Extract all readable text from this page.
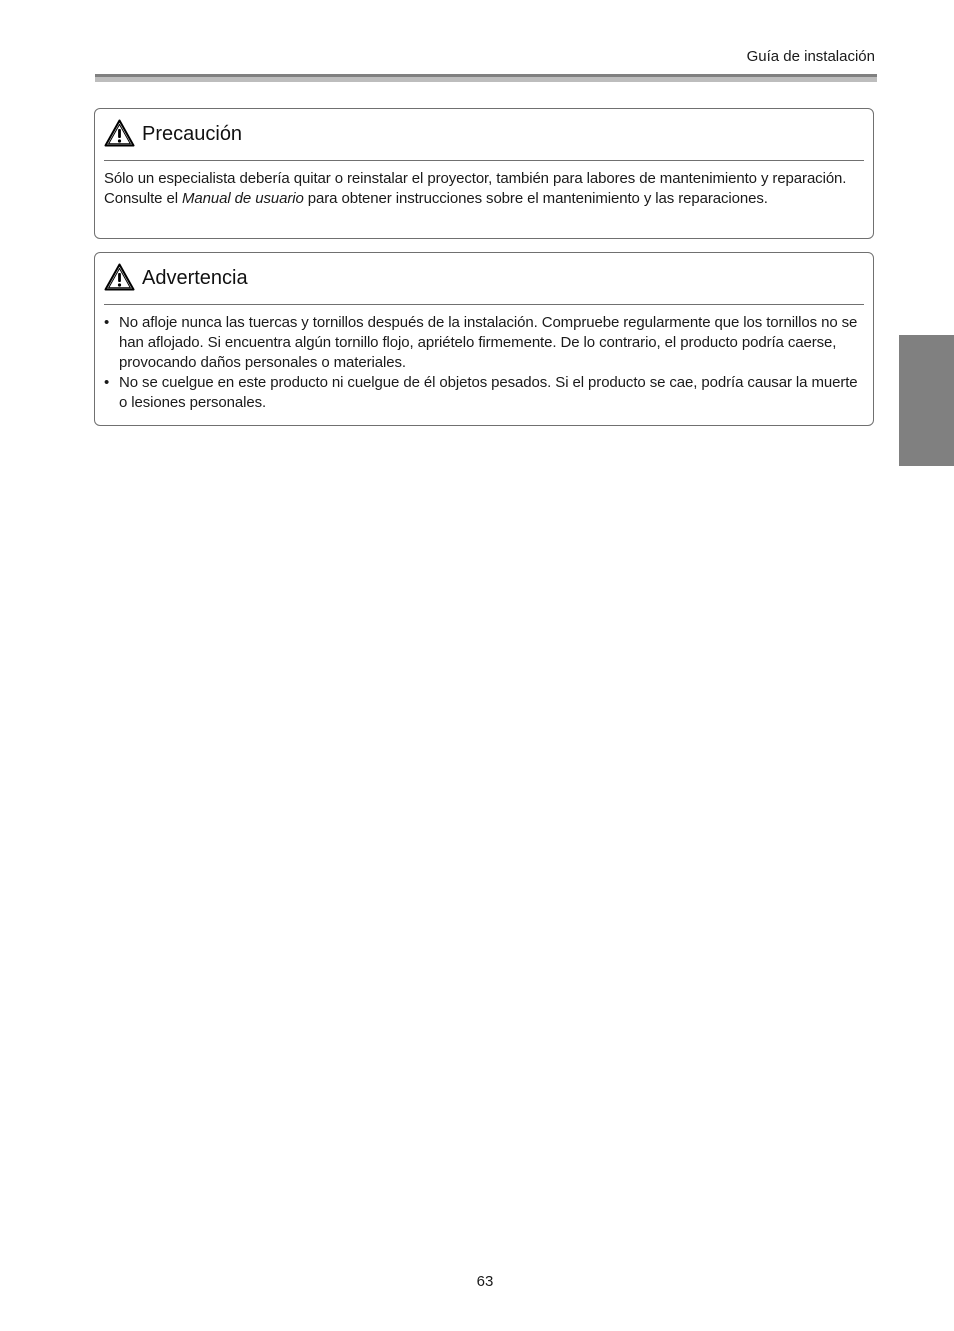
Guía de instalación
Precaución

Sólo un especialista debería quitar o reinstalar el proyector, también para labores de mantenimiento y reparación. Consulte el Manual de usuario para obtener instrucciones sobre el mantenimiento y las reparaciones.

Advertencia
• No afloje nunca las tuercas y tornillos después de la instalación. Compruebe regularmente que los tornillos no se han aflojado. Si encuentra algún tornillo flojo, apriételo firmemente. De lo contrario, el producto podría caerse, provocando daños personales o materiales.
• No se cuelgue en este producto ni cuelgue de él objetos pesados. Si el producto se cae, podría causar la muerte o lesiones personales.
63
